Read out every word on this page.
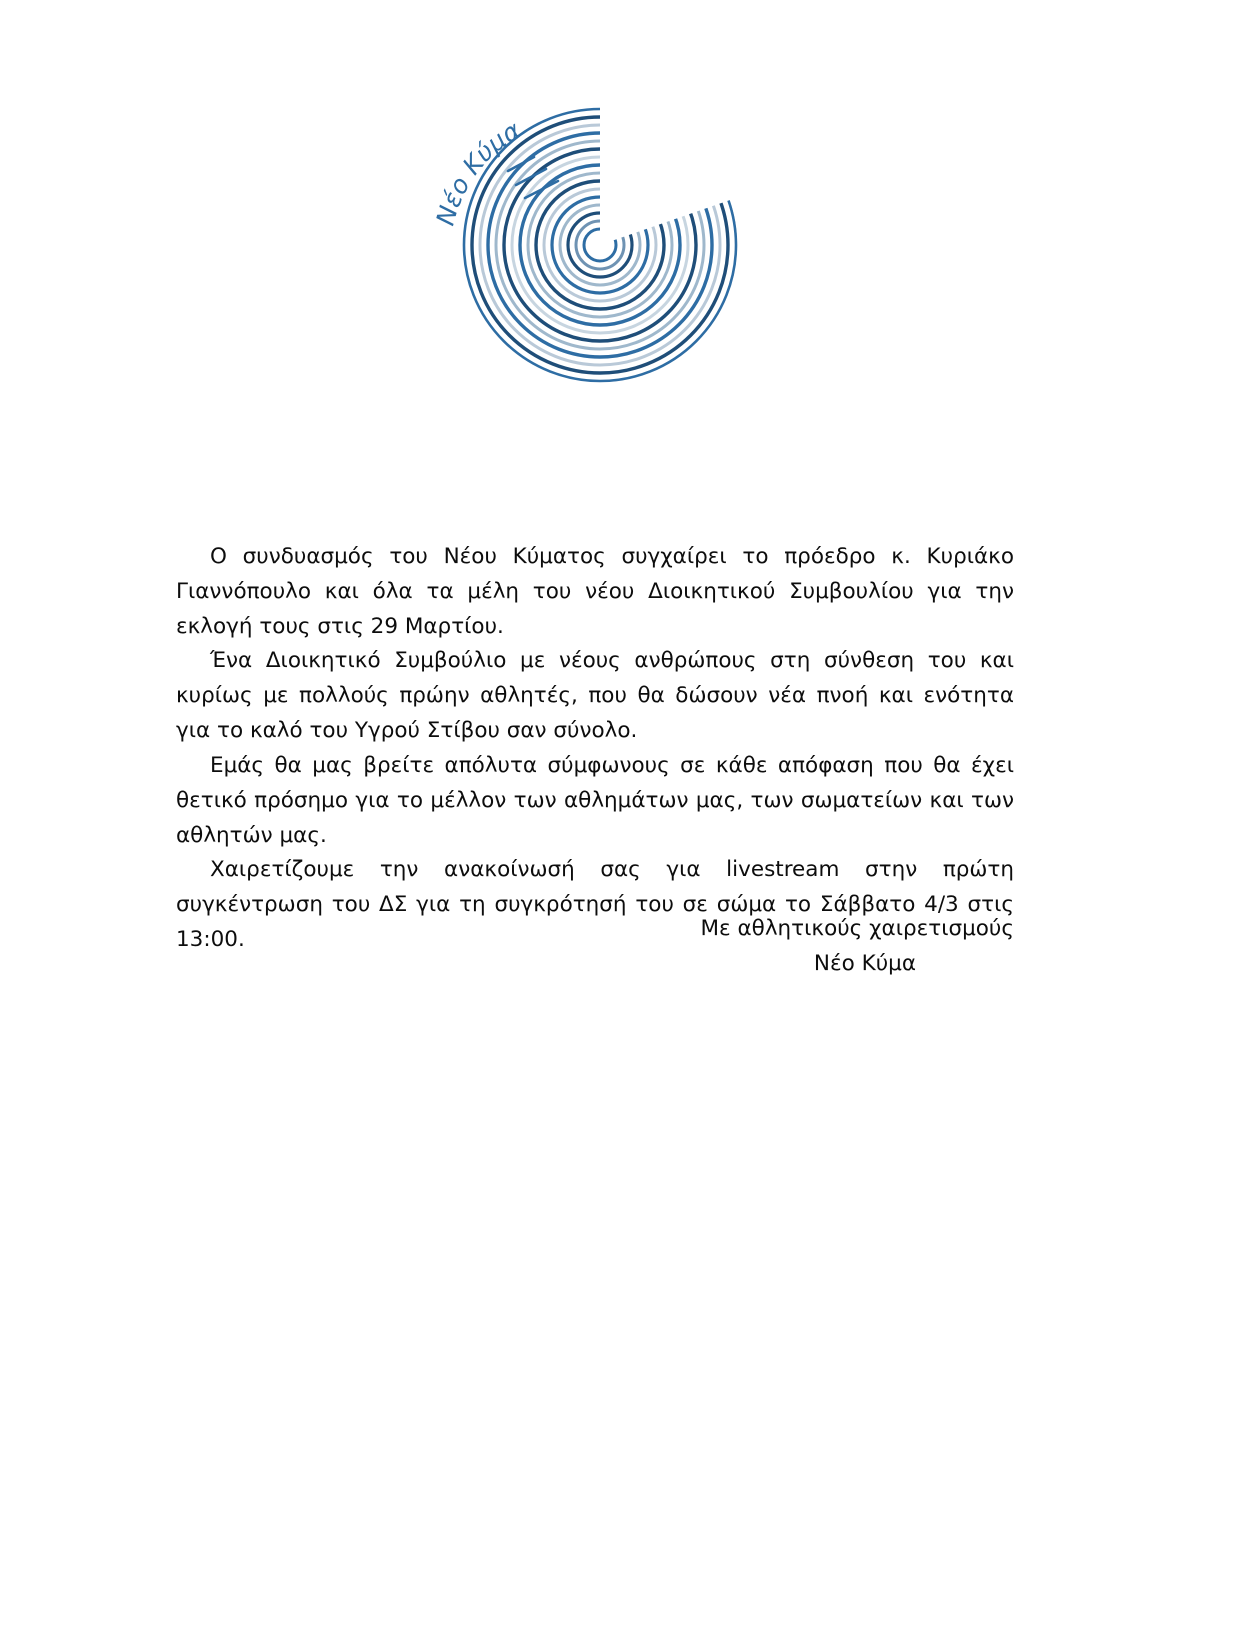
Νέο Κύμα

Ο συνδυασμός του Νέου Κύματος συγχαίρει το πρόεδρο κ. Κυριάκο Γιαννόπουλο και όλα τα μέλη του νέου Διοικητικού Συμβουλίου για την εκλογή τους στις 29 Μαρτίου.

Ένα Διοικητικό Συμβούλιο με νέους ανθρώπους στη σύνθεση του και κυρίως με πολλούς πρώην αθλητές, που θα δώσουν νέα πνοή και ενότητα για το καλό του Υγρού Στίβου σαν σύνολο.

Εμάς θα μας βρείτε απόλυτα σύμφωνους σε κάθε απόφαση που θα έχει θετικό πρόσημο για το μέλλον των αθλημάτων μας, των σωματείων και των αθλητών μας.

Χαιρετίζουμε την ανακοίνωσή σας για livestream στην πρώτη συγκέντρωση του ΔΣ για τη συγκρότησή του σε σώμα το Σάββατο 4/3 στις 13:00.	Με αθλητικούς χαιρετισμούς

Νέο Κύμα
